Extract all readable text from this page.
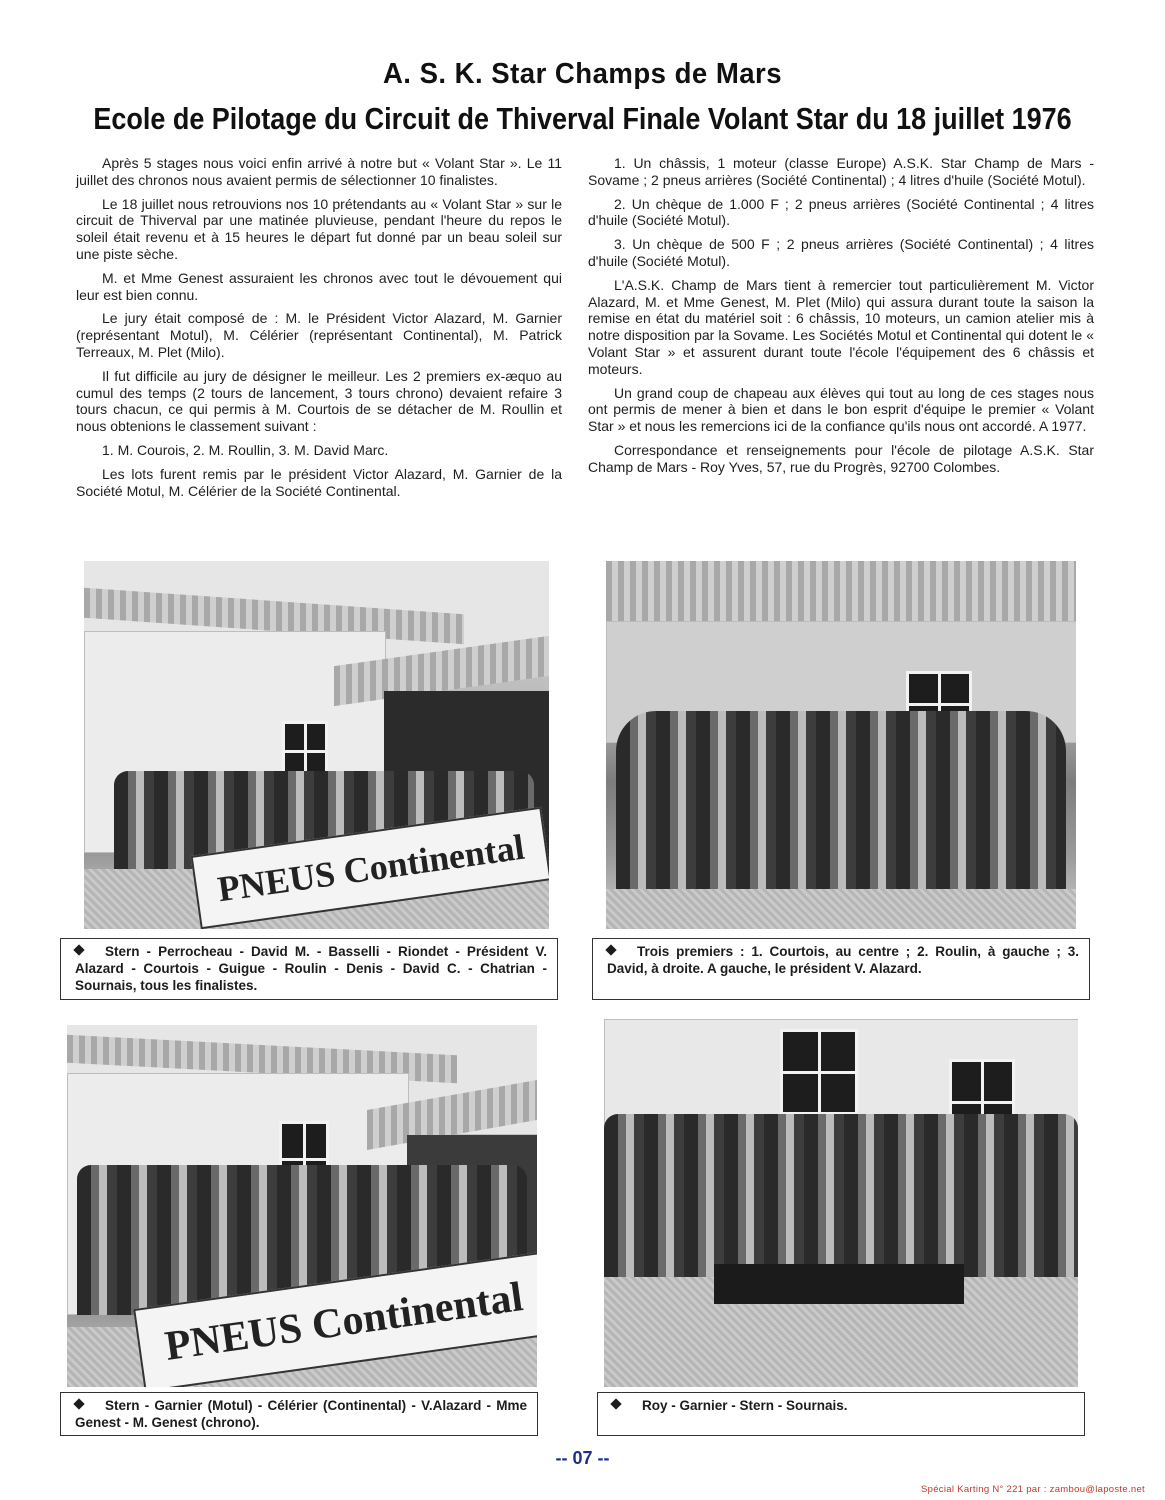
A. S. K. Star Champs de Mars
Ecole de Pilotage du Circuit de Thiverval Finale Volant Star du 18 juillet 1976

Après 5 stages nous voici enfin arrivé à notre but « Volant Star ». Le 11 juillet des chronos nous avaient permis de sélectionner 10 finalistes.

Le 18 juillet nous retrouvions nos 10 prétendants au « Volant Star » sur le circuit de Thiverval par une matinée pluvieuse, pendant l'heure du repos le soleil était revenu et à 15 heures le départ fut donné par un beau soleil sur une piste sèche.

M. et Mme Genest assuraient les chronos avec tout le dévouement qui leur est bien connu.

Le jury était composé de : M. le Président Victor Alazard, M. Garnier (représentant Motul), M. Célérier (représentant Continental), M. Patrick Terreaux, M. Plet (Milo).

Il fut difficile au jury de désigner le meilleur. Les 2 premiers ex-æquo au cumul des temps (2 tours de lancement, 3 tours chrono) devaient refaire 3 tours chacun, ce qui permis à M. Courtois de se détacher de M. Roullin et nous obtenions le classement suivant :

1. M. Courois, 2. M. Roullin, 3. M. David Marc.

Les lots furent remis par le président Victor Alazard, M. Garnier de la Société Motul, M. Célérier de la Société Continental.

1. Un châssis, 1 moteur (classe Europe) A.S.K. Star Champ de Mars - Sovame ; 2 pneus arrières (Société Continental) ; 4 litres d'huile (Société Motul).

2. Un chèque de 1.000 F ; 2 pneus arrières (Société Continental ; 4 litres d'huile (Société Motul).

3. Un chèque de 500 F ; 2 pneus arrières (Société Continental) ; 4 litres d'huile (Société Motul).

L'A.S.K. Champ de Mars tient à remercier tout particulièrement M. Victor Alazard, M. et Mme Genest, M. Plet (Milo) qui assura durant toute la saison la remise en état du matériel soit : 6 châssis, 10 moteurs, un camion atelier mis à notre disposition par la Sovame. Les Sociétés Motul et Continental qui dotent le « Volant Star » et assurent durant toute l'école l'équipement des 6 châssis et moteurs.

Un grand coup de chapeau aux élèves qui tout au long de ces stages nous ont permis de mener à bien et dans le bon esprit d'équipe le premier « Volant Star » et nous les remercions ici de la confiance qu'ils nous ont accordé. A 1977.

Correspondance et renseignements pour l'école de pilotage A.S.K. Star Champ de Mars - Roy Yves, 57, rue du Progrès, 92700 Colombes.

PNEUS Continental
Stern - Perrocheau - David M. - Basselli - Riondet - Président V. Alazard - Courtois - Guigue - Roulin - Denis - David C. - Chatrian - Sournais, tous les finalistes.
Trois premiers : 1. Courtois, au centre ; 2. Roulin, à gauche ; 3. David, à droite. A gauche, le président V. Alazard.
PNEUS Continental
Stern - Garnier (Motul) - Célérier (Continental) - V.Alazard - Mme Genest - M. Genest (chrono).
Roy - Garnier - Stern - Sournais.
-- 07 --
Spécial Karting N° 221 par : zambou@laposte.net
